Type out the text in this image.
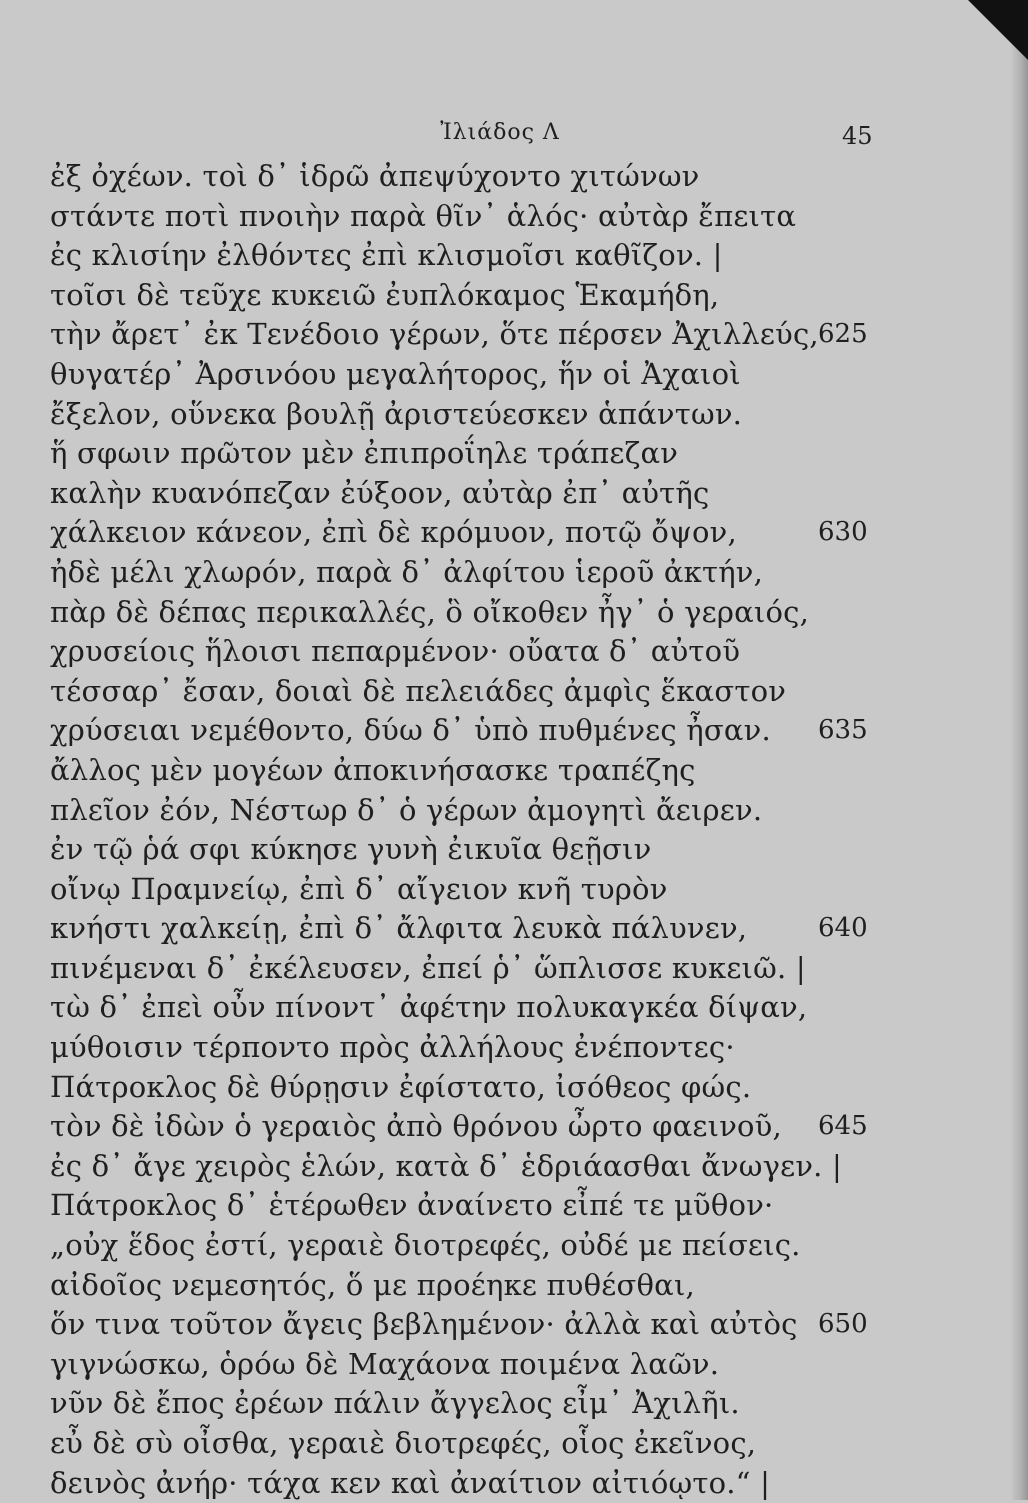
Ἰλιάδος Λ	45
ἐξ ὀχέων. τοὶ δ᾽ ἱδρῶ ἀπεψύχοντο χιτώνων
στάντε ποτὶ πνοιὴν παρὰ θῖν᾽ ἁλός· αὐτὰρ ἔπειτα
ἐς κλισίην ἐλθόντες ἐπὶ κλισμοῖσι καθῖζον. |
τοῖσι δὲ τεῦχε κυκειῶ ἐυπλόκαμος Ἑκαμήδη,
τὴν ἄρετ᾽ ἐκ Τενέδοιο γέρων, ὅτε πέρσεν Ἀχιλλεύς, 625
θυγατέρ᾽ Ἀρσινόου μεγαλήτορος, ἥν οἱ Ἀχαιοὶ
ἔξελον, οὕνεκα βουλῇ ἀριστεύεσκεν ἁπάντων.
ἥ σφωιν πρῶτον μὲν ἐπιπροΐηλε τράπεζαν
καλὴν κυανόπεζαν ἐύξοον, αὐτὰρ ἐπ᾽ αὐτῆς
χάλκειον κάνεον, ἐπὶ δὲ κρόμυον, ποτῷ ὄψον,	630
ἠδὲ μέλι χλωρόν, παρὰ δ᾽ ἀλφίτου ἱεροῦ ἀκτήν,
πὰρ δὲ δέπας περικαλλές, ὃ οἴκοθεν ἦγ᾽ ὁ γεραιός,
χρυσείοις ἥλοισι πεπαρμένον· οὔατα δ᾽ αὐτοῦ
τέσσαρ᾽ ἔσαν, δοιαὶ δὲ πελειάδες ἀμφὶς ἕκαστον
χρύσειαι νεμέθοντο, δύω δ᾽ ὑπὸ πυθμένες ἦσαν. 635
ἄλλος μὲν μογέων ἀποκινήσασκε τραπέζης
πλεῖον ἐόν, Νέστωρ δ᾽ ὁ γέρων ἀμογητὶ ἄειρεν.
ἐν τῷ ῥά σφι κύκησε γυνὴ ἐικυῖα θεῇσιν
οἴνῳ Πραμνείῳ, ἐπὶ δ᾽ αἴγειον κνῆ τυρὸν
κνήστι χαλκείῃ, ἐπὶ δ᾽ ἄλφιτα λευκὰ πάλυνεν,	640
πινέμεναι δ᾽ ἐκέλευσεν, ἐπεί ῥ᾽ ὥπλισσε κυκειῶ. |
τὼ δ᾽ ἐπεὶ οὖν πίνοντ᾽ ἀφέτην πολυκαγκέα δίψαν,
μύθοισιν τέρποντο πρὸς ἀλλήλους ἐνέποντες·
Πάτροκλος δὲ θύρῃσιν ἐφίστατο, ἰσόθεος φώς.
τὸν δὲ ἰδὼν ὁ γεραιὸς ἀπὸ θρόνου ὦρτο φαεινοῦ, 645
ἐς δ᾽ ἄγε χειρὸς ἑλών, κατὰ δ᾽ ἑδριάασθαι ἄνωγεν. |
Πάτροκλος δ᾽ ἑτέρωθεν ἀναίνετο εἶπέ τε μῦθον·
„οὐχ ἕδος ἐστί, γεραιὲ διοτρεφές, οὐδέ με πείσεις.
αἰδοῖος νεμεσητός, ὅ με προέηκε πυθέσθαι,
ὅν τινα τοῦτον ἄγεις βεβλημένον· ἀλλὰ καὶ αὐτὸς 650
γιγνώσκω, ὁρόω δὲ Μαχάονα ποιμένα λαῶν.
νῦν δὲ ἔπος ἐρέων πάλιν ἄγγελος εἶμ᾽ Ἀχιλῆι.
εὖ δὲ σὺ οἶσθα, γεραιὲ διοτρεφές, οἷος ἐκεῖνος,
δεινὸς ἀνήρ· τάχα κεν καὶ ἀναίτιον αἰτιόῳτο.“ |
